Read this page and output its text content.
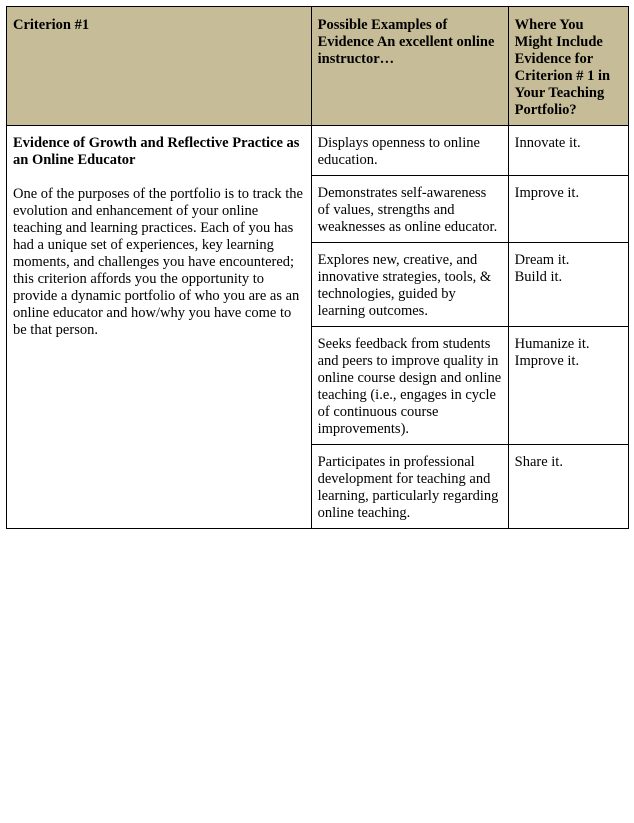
Criterion #1	Possible Examples of Evidence An excellent online instructor…	Where You Might Include Evidence for Criterion # 1 in Your Teaching Portfolio?

Evidence of Growth and Reflective Practice as an Online Educator

One of the purposes of the portfolio is to track the evolution and enhancement of your online teaching and learning practices. Each of you has had a unique set of experiences, key learning moments, and challenges you have encountered; this criterion affords you the opportunity to provide a dynamic portfolio of who you are as an online educator and how/why you have come to be that person.	Displays openness to online education.	Innovate it.

	Demonstrates self-awareness of values, strengths and weaknesses as online educator.	Improve it.

	Explores new, creative, and innovative strategies, tools, & technologies, guided by learning outcomes.	Dream it.
Build it.

	Seeks feedback from students and peers to improve quality in online course design and online teaching (i.e., engages in cycle of continuous course improvements).	Humanize it.
Improve it.

	Participates in professional development for teaching and learning, particularly regarding online teaching.	Share it.
